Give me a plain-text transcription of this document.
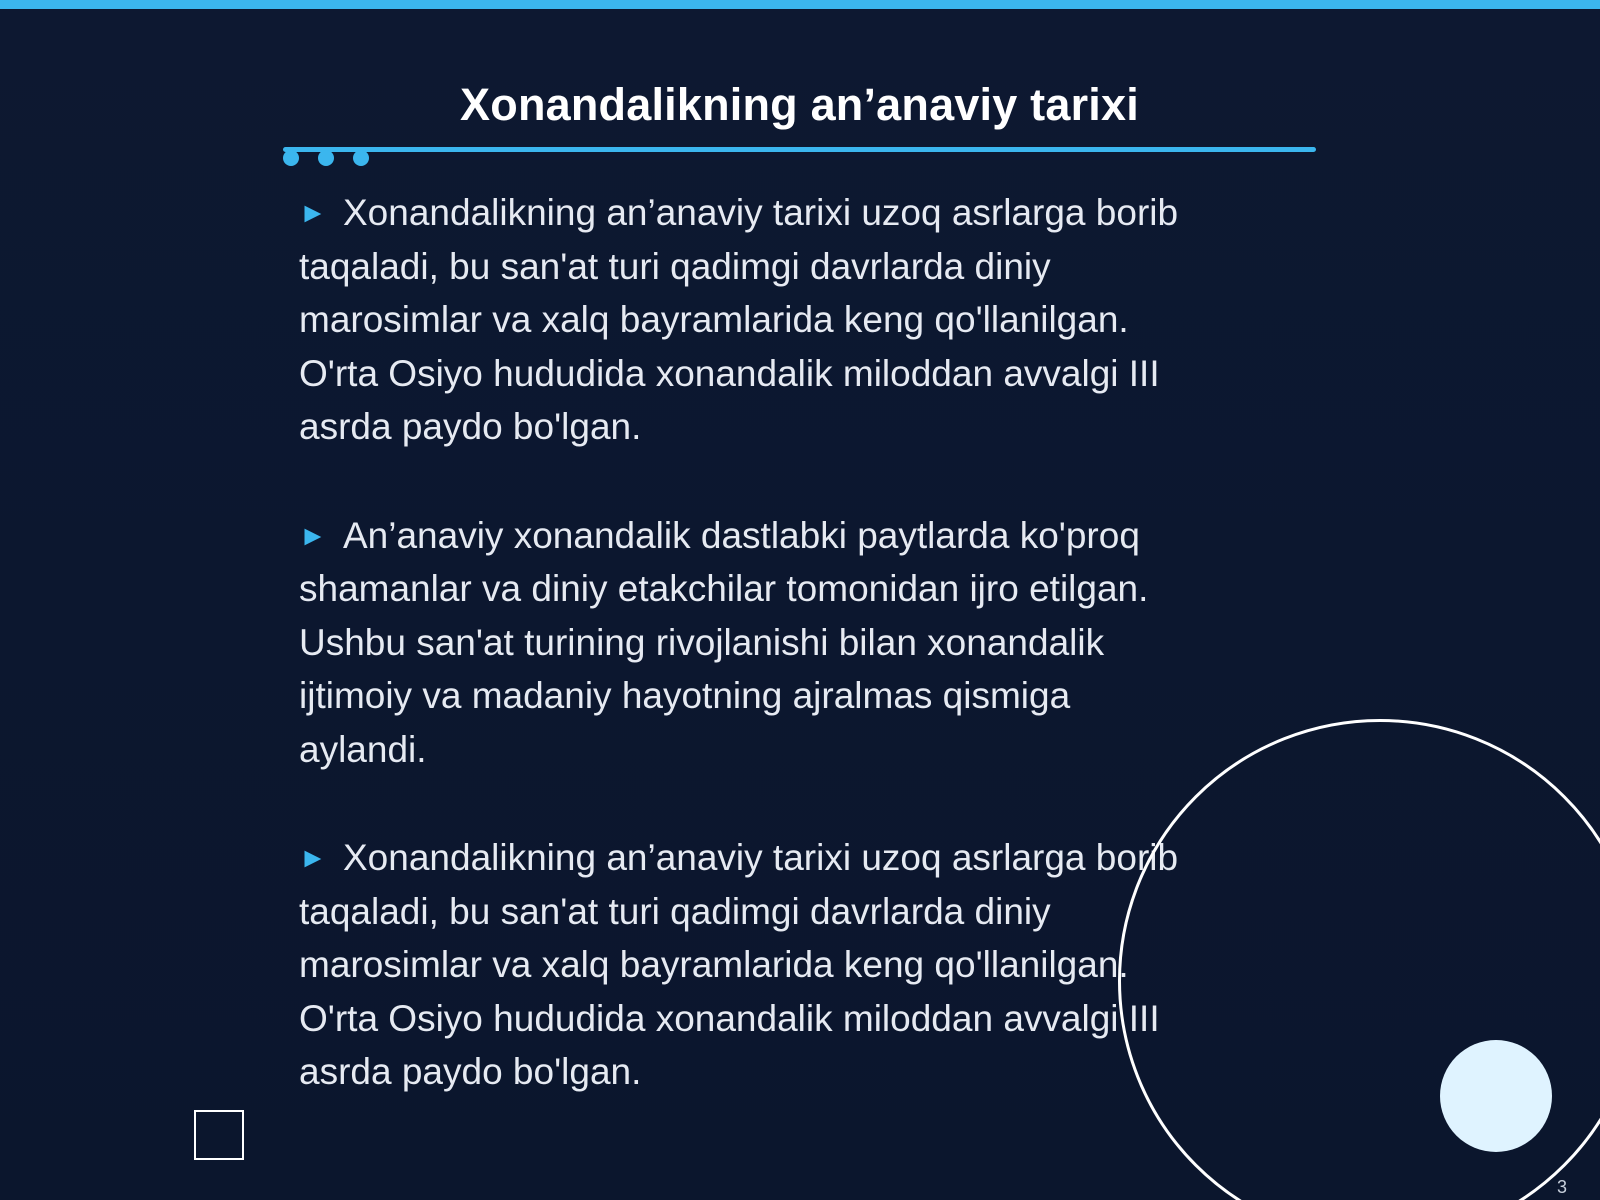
Xonandalikning an’anaviy tarixi
► Xonandalikning an’anaviy tarixi uzoq asrlarga borib
taqaladi, bu san'at turi qadimgi davrlarda diniy
marosimlar va xalq bayramlarida keng qo'llanilgan.
O'rta Osiyo hududida xonandalik miloddan avvalgi III
asrda paydo bo'lgan.
► An’anaviy xonandalik dastlabki paytlarda ko'proq
shamanlar va diniy etakchilar tomonidan ijro etilgan.
Ushbu san'at turining rivojlanishi bilan xonandalik
ijtimoiy va madaniy hayotning ajralmas qismiga
aylandi.
► Xonandalikning an’anaviy tarixi uzoq asrlarga borib
taqaladi, bu san'at turi qadimgi davrlarda diniy
marosimlar va xalq bayramlarida keng qo'llanilgan.
O'rta Osiyo hududida xonandalik miloddan avvalgi III
asrda paydo bo'lgan.
3
